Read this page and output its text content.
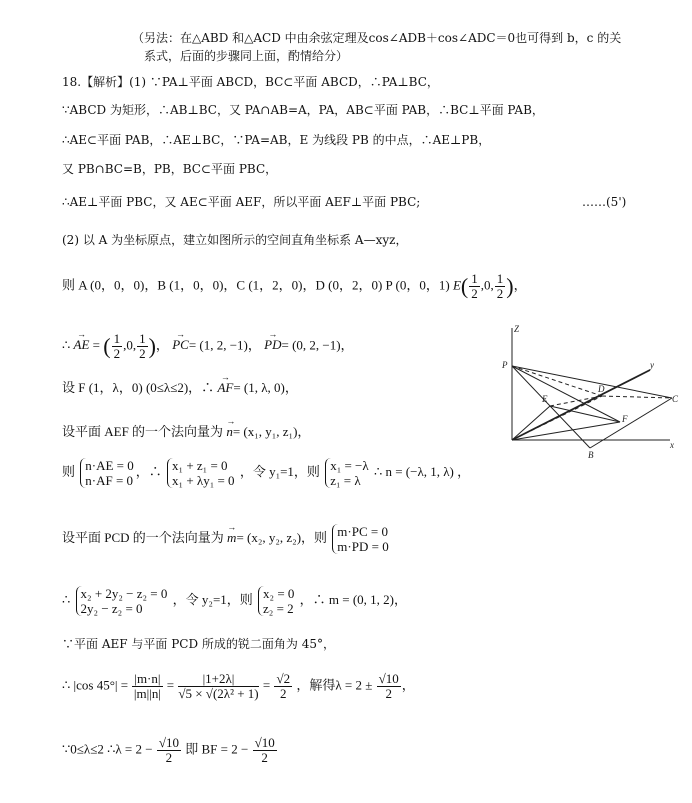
（另法：在△ABD 和△ACD 中由余弦定理及cos∠ADB＋cos∠ADC＝0也可得到 b，c 的关
系式，后面的步骤同上面，酌情给分）
18.【解析】(1) ∵PA⊥平面 ABCD，BC⊂平面 ABCD，∴PA⊥BC，
∵ABCD 为矩形，∴AB⊥BC，又 PA∩AB=A，PA，AB⊂平面 PAB，∴BC⊥平面 PAB，
∴AE⊂平面 PAB，∴AE⊥BC，∵PA=AB，E 为线段 PB 的中点，∴AE⊥PB，
又 PB∩BC=B，PB，BC⊂平面 PBC，
∴AE⊥平面 PBC，又 AE⊂平面 AEF，所以平面 AEF⊥平面 PBC;	……(5')
(2) 以 A 为坐标原点，建立如图所示的空间直角坐标系 A—xyz，
则 A (0，0，0)，B (1，0，0)，C (1，2，0)，D (0，2，0) P (0，0，1) $E( \frac{1}{2} ,0$, $\frac{1}{2}$ )，
∴ → AE = ( $\frac{1}{2} ,0$, $\frac{1}{2}$ )， → PC= (1, 2, −1)， → PD= (0, 2, −1)，
设 F (1，λ，0) (0≤λ≤2)，∴ → AF= (1, λ, 0)，
设平面 AEF 的一个法向量为 → n= (x₁, y₁, z₁)，
则 n·AE = 0
n·AF = 0
，∴ x₁ + z₁ = 0
x₁ + λy₁ = 0
，令 y₁=1，则 x₁ = −λ
z₁ = λ
∴ n = (−λ, 1, λ) ，
设平面 PCD 的一个法向量为 → m= (x₂, y₂, z₂)，则 m·PC = 0
m·PD = 0
∴ x₂ + 2y₂ − z₂ = 0
2y₂ − z₂ = 0
，令 y₂=1，则 x₂ = 0
z₂ = 2
，∴ m = (0, 1, 2)，
∵平面 AEF 与平面 PCD 所成的锐二面角为 45°，
∴ |cos $45^\circ| = \frac{|m\cdot n|}{|m||n|} = \frac{|1+2\lambda|}{\text{√5 × √(2λ² + 1)}} = \frac{√2}{2}$ ，解得$\lambda = 2 \pm \frac{√10}{2}$ ，
∵0≤λ≤2 ∴λ = $2 - \frac{√10}{2}$ 即 BF = $2 - \frac{√10}{2}$
Z
P
E
D
C
F
B
y
x
